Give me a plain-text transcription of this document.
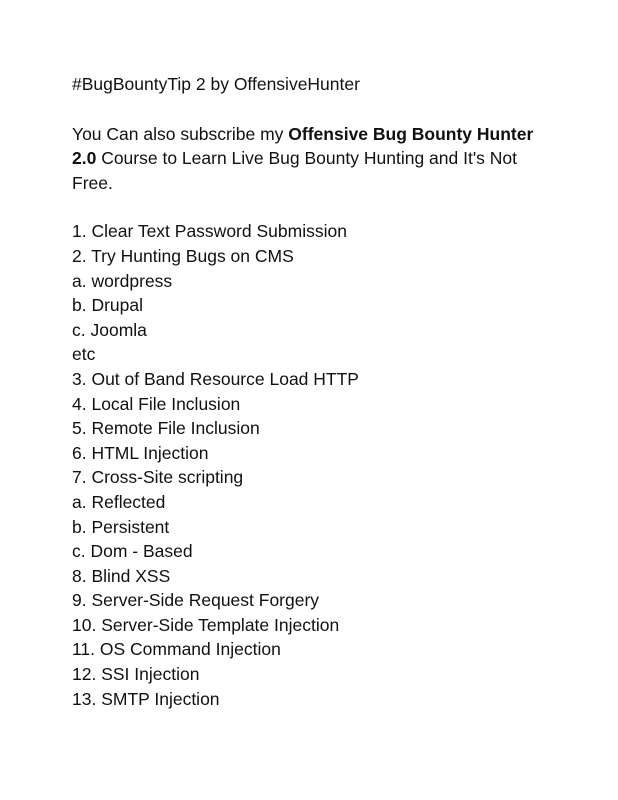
#BugBountyTip 2 by OffensiveHunter

You Can also subscribe my Offensive Bug Bounty Hunter 2.0 Course to Learn Live Bug Bounty Hunting and It's Not Free.

1. Clear Text Password Submission
2. Try Hunting Bugs on CMS
a. wordpress
b. Drupal
c. Joomla
etc
3. Out of Band Resource Load HTTP
4. Local File Inclusion
5. Remote File Inclusion
6. HTML Injection
7. Cross-Site scripting
a. Reflected
b. Persistent
c. Dom - Based
8. Blind XSS
9. Server-Side Request Forgery
10. Server-Side Template Injection
11. OS Command Injection
12. SSI Injection
13. SMTP Injection
